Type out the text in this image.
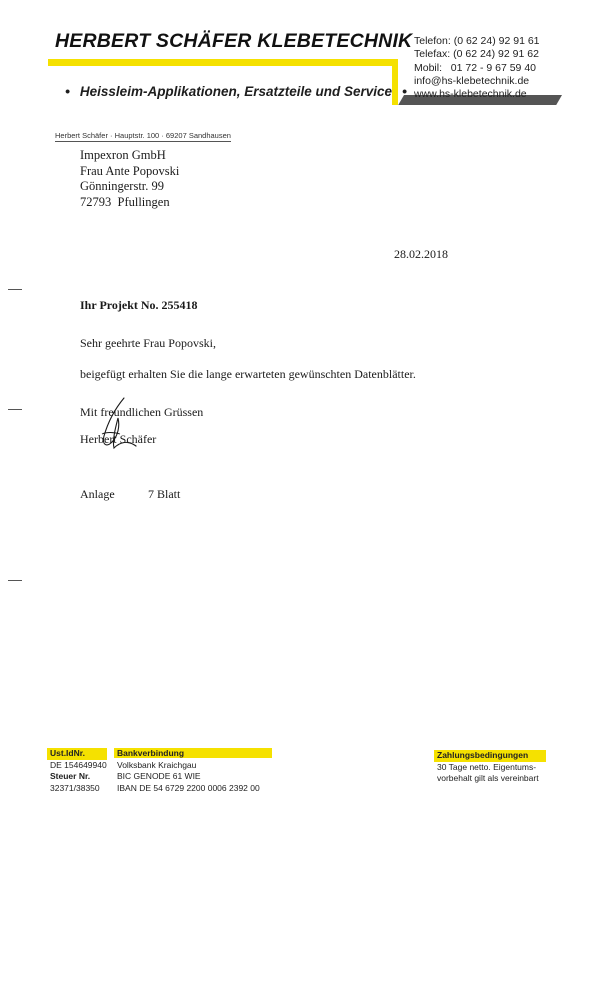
HERBERT SCHÄFER KLEBETECHNIK
• Heissleim-Applikationen, Ersatzteile und Service •
Telefon: (0 62 24) 92 91 61
Telefax: (0 62 24) 92 91 62
Mobil:   01 72 - 9 67 59 40
info@hs-klebetechnik.de
www.hs-klebetechnik.de
Herbert Schäfer · Hauptstr. 100 · 69207 Sandhausen
Impexron GmbH
Frau Ante Popovski
Gönningerstr. 99
72793  Pfullingen
28.02.2018
Ihr Projekt No. 255418
Sehr geehrte Frau Popovski,
beigefügt erhalten Sie die lange erwarteten gewünschten Datenblätter.
Mit freundlichen Grüssen
Herbert Schäfer
Anlage	7 Blatt
Ust.IdNr.
DE 154649940
Steuer Nr.
32371/38350
Bankverbindung
Volksbank Kraichgau
BIC GENODE 61 WIE
IBAN DE 54 6729 2200 0006 2392 00
Zahlungsbedingungen
30 Tage netto. Eigentums-
vorbehalt gilt als vereinbart
